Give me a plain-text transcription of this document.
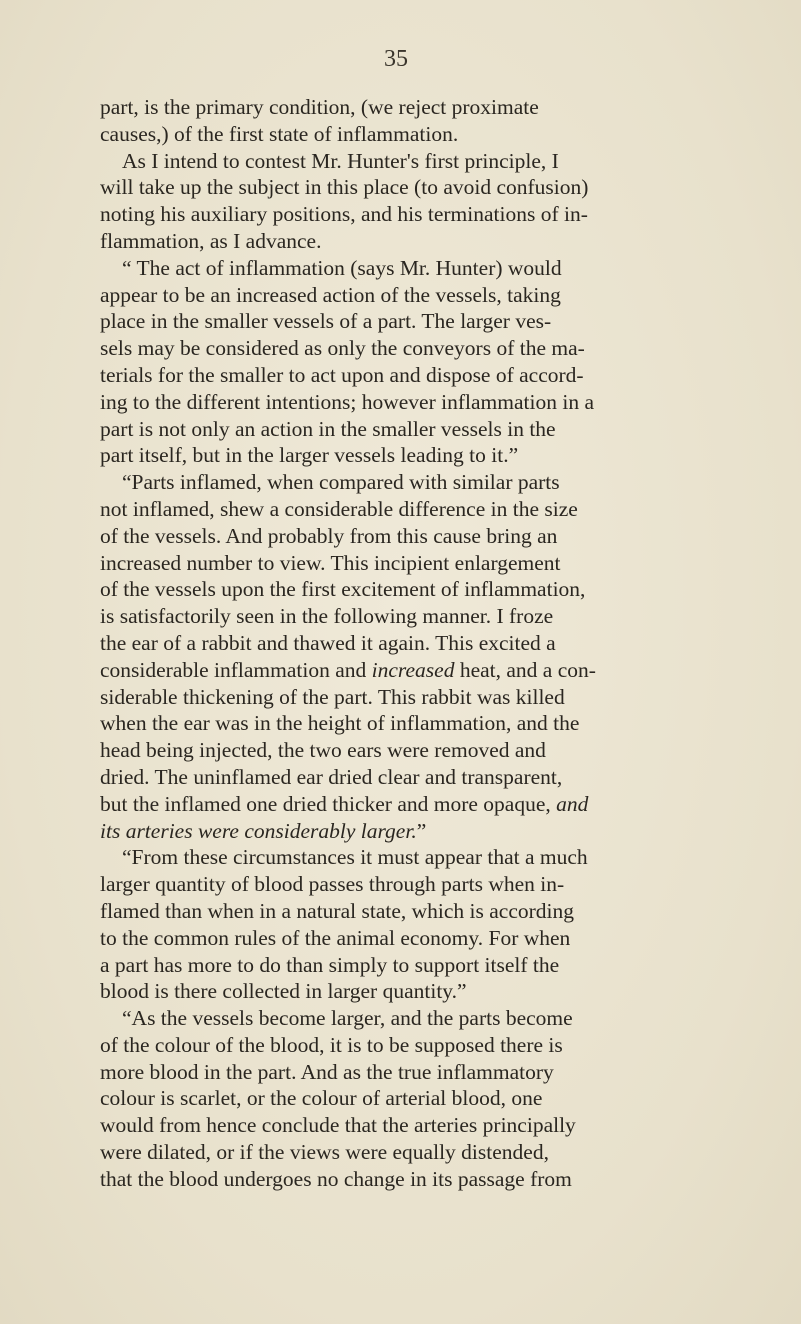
35
part, is the primary condition, (we reject proximate
causes,) of the first state of inflammation.
As I intend to contest Mr. Hunter's first principle, I
will take up the subject in this place (to avoid confusion)
noting his auxiliary positions, and his terminations of in-
flammation, as I advance.
“ The act of inflammation (says Mr. Hunter) would
appear to be an increased action of the vessels, taking
place in the smaller vessels of a part. The larger ves-
sels may be considered as only the conveyors of the ma-
terials for the smaller to act upon and dispose of accord-
ing to the different intentions; however inflammation in a
part is not only an action in the smaller vessels in the
part itself, but in the larger vessels leading to it.”
“Parts inflamed, when compared with similar parts
not inflamed, shew a considerable difference in the size
of the vessels. And probably from this cause bring an
increased number to view. This incipient enlargement
of the vessels upon the first excitement of inflammation,
is satisfactorily seen in the following manner. I froze
the ear of a rabbit and thawed it again. This excited a
considerable inflammation and increased heat, and a con-
siderable thickening of the part. This rabbit was killed
when the ear was in the height of inflammation, and the
head being injected, the two ears were removed and
dried. The uninflamed ear dried clear and transparent,
but the inflamed one dried thicker and more opaque, and
its arteries were considerably larger.”
“From these circumstances it must appear that a much
larger quantity of blood passes through parts when in-
flamed than when in a natural state, which is according
to the common rules of the animal economy. For when
a part has more to do than simply to support itself the
blood is there collected in larger quantity.”
“As the vessels become larger, and the parts become
of the colour of the blood, it is to be supposed there is
more blood in the part. And as the true inflammatory
colour is scarlet, or the colour of arterial blood, one
would from hence conclude that the arteries principally
were dilated, or if the views were equally distended,
that the blood undergoes no change in its passage from
